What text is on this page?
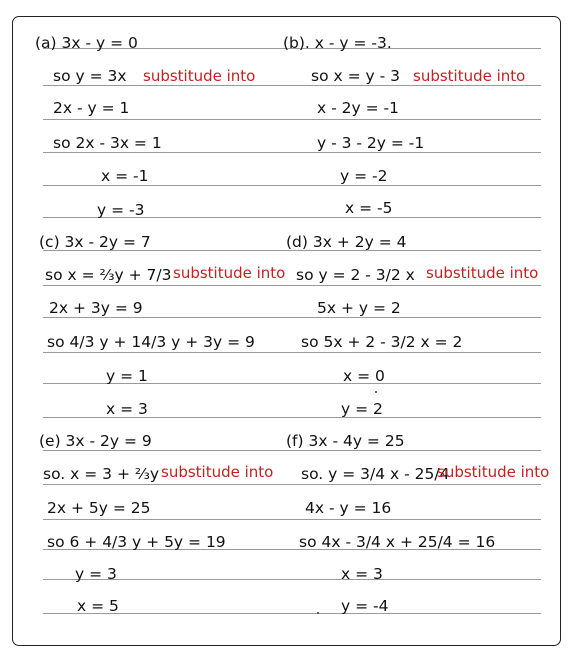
(a) 3x - y = 0
so y = 3x substitude into
2x - y = 1
so 2x - 3x = 1
x = -1
y = -3
(b). x - y = -3.
so x = y - 3 substitude into
x - 2y = -1
y - 3 - 2y = -1
y = -2
x = -5
(c) 3x - 2y = 7
so x = ⅔y + 7/3 substitude into
2x + 3y = 9
so 4/3 y + 14/3 y + 3y = 9
y = 1
x = 3
(d) 3x + 2y = 4
so y = 2 - 3/2 x substitude into
5x + y = 2
so 5x + 2 - 3/2 x = 2
x = 0
y = 2
(e) 3x - 2y = 9
so. x = 3 + ⅔y substitude into
2x + 5y = 25
so 6 + 4/3 y + 5y = 19
y = 3
x = 5
(f) 3x - 4y = 25
so. y = 3/4 x - 25/4
substitude into
4x - y = 16
so 4x - 3/4 x + 25/4 = 16
x = 3
y = -4
